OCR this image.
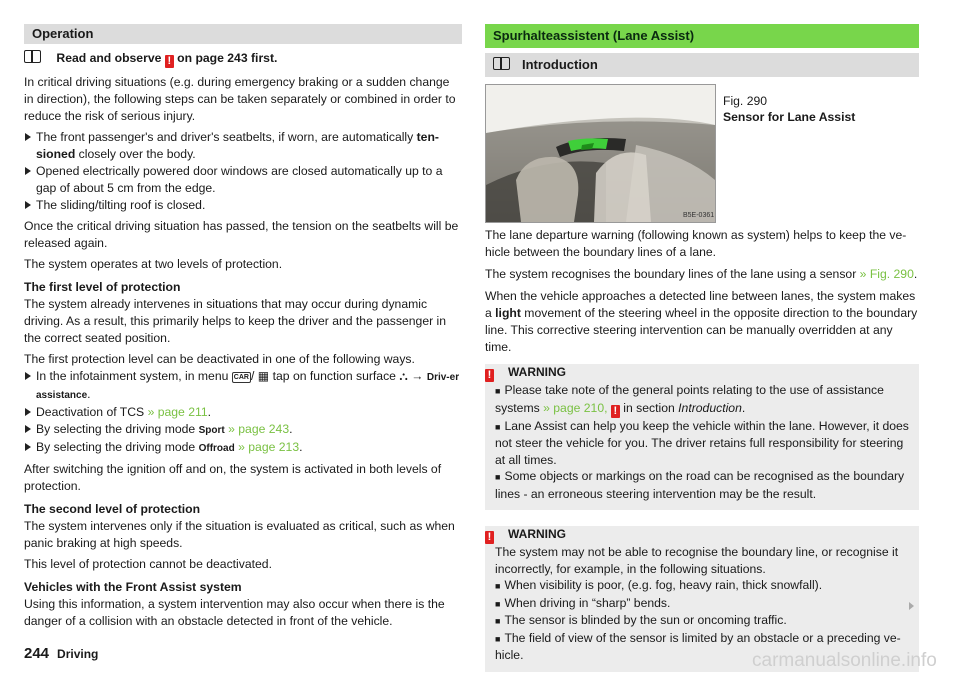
Operation
Read and observe ! on page 243 first.

In critical driving situations (e.g. during emergency braking or a sudden change in direction), the following steps can be taken separately or combined in order to reduce the risk of serious injury.

The front passenger's and driver's seatbelts, if worn, are automatically ten-sioned closely over the body.
Opened electrically powered door windows are closed automatically up to a gap of about 5 cm from the edge.
The sliding/tilting roof is closed.

Once the critical driving situation has passed, the tension on the seatbelts will be released again.

The system operates at two levels of protection.

The first level of protection

The system already intervenes in situations that may occur during dynamic driving. As a result, this primarily helps to keep the driver and the passenger in the correct seated position.

The first protection level can be deactivated in one of the following ways.

In the infotainment system, in menu CAR / ▦ tap on function surface ⛬ → Driv-er assistance.
Deactivation of TCS » page 211.
By selecting the driving mode Sport » page 243.
By selecting the driving mode Offroad » page 213.

After switching the ignition off and on, the system is activated in both levels of protection.

The second level of protection

The system intervenes only if the situation is evaluated as critical, such as when panic braking at high speeds.

This level of protection cannot be deactivated.

Vehicles with the Front Assist system

Using this information, a system intervention may also occur when there is the danger of a collision with an obstacle detected in front of the vehicle.

Spurhalteassistent (Lane Assist)
Introduction
B5E-0361
Fig. 290
Sensor for Lane Assist

The lane departure warning (following known as system) helps to keep the ve-hicle between the boundary lines of a lane.

The system recognises the boundary lines of the lane using a sensor » Fig. 290.

When the vehicle approaches a detected line between lanes, the system makes a light movement of the steering wheel in the opposite direction to the boundary line. This corrective steering intervention can be manually overridden at any time.

! WARNING
■ Please take note of the general points relating to the use of assistance systems » page 210, ! in section Introduction.
■ Lane Assist can help you keep the vehicle within the lane. However, it does not steer the vehicle for you. The driver retains full responsibility for steering at all times.
■ Some objects or markings on the road can be recognised as the boundary lines - an erroneous steering intervention may be the result.
! WARNING
The system may not be able to recognise the boundary line, or recognise it incorrectly, for example, in the following situations.
■ When visibility is poor, (e.g. fog, heavy rain, thick snowfall).
■ When driving in “sharp” bends.
■ The sensor is blinded by the sun or oncoming traffic.
■ The field of view of the sensor is limited by an obstacle or a preceding ve-hicle.
244 Driving	carmanualsonline.info
